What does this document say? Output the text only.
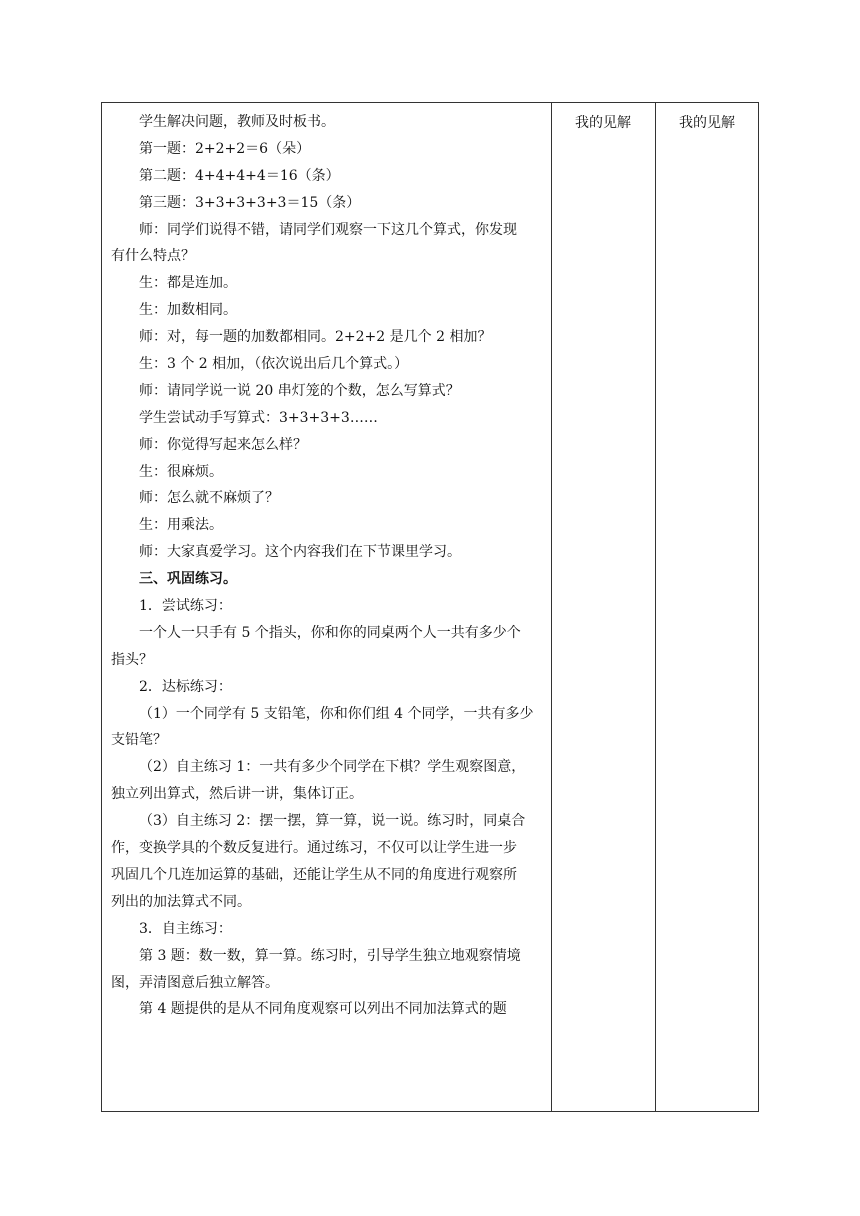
我的见解	我的见解
学生解决问题，教师及时板书。
第一题：2+2+2＝6（朵）
第二题：4+4+4+4＝16（条）
第三题：3+3+3+3+3＝15（条）
师：同学们说得不错，请同学们观察一下这几个算式，你发现
有什么特点？
生：都是连加。
生：加数相同。
师：对，每一题的加数都相同。2+2+2 是几个 2 相加？
生：3 个 2 相加，（依次说出后几个算式。）
师：请同学说一说 20 串灯笼的个数，怎么写算式？
学生尝试动手写算式：3+3+3+3……
师：你觉得写起来怎么样？
生：很麻烦。
师：怎么就不麻烦了？
生：用乘法。
师：大家真爱学习。这个内容我们在下节课里学习。
三、巩固练习。
1．尝试练习：
一个人一只手有 5 个指头，你和你的同桌两个人一共有多少个
指头？
2．达标练习：
（1）一个同学有 5 支铅笔，你和你们组 4 个同学，一共有多少
支铅笔？
（2）自主练习 1：一共有多少个同学在下棋？学生观察图意，
独立列出算式，然后讲一讲，集体订正。
（3）自主练习 2：摆一摆，算一算，说一说。练习时，同桌合
作，变换学具的个数反复进行。通过练习，不仅可以让学生进一步
巩固几个几连加运算的基础，还能让学生从不同的角度进行观察所
列出的加法算式不同。
3．自主练习：
第 3 题：数一数，算一算。练习时，引导学生独立地观察情境
图，弄清图意后独立解答。
第 4 题提供的是从不同角度观察可以列出不同加法算式的题
